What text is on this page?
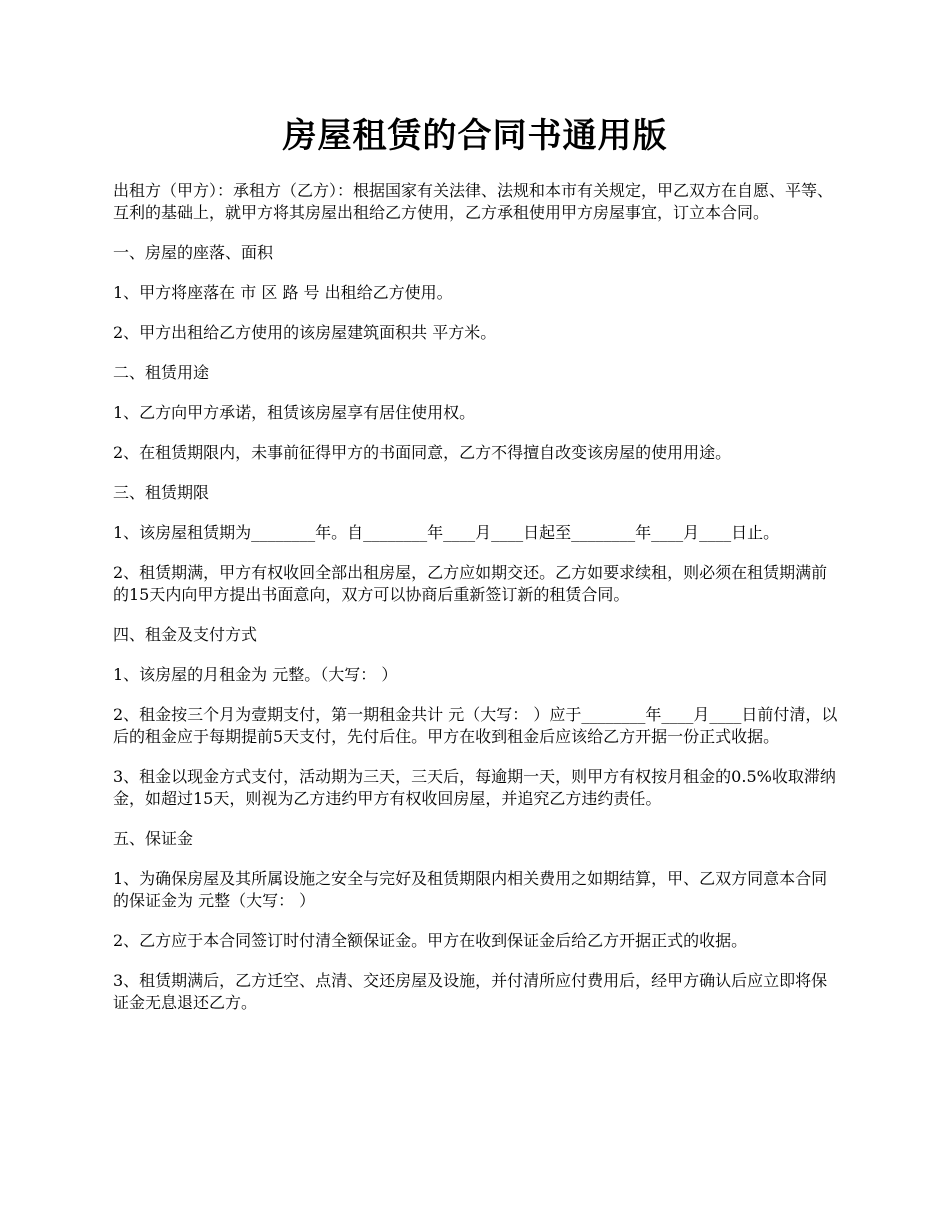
房屋租赁的合同书通用版

出租方（甲方）：承租方（乙方）：根据国家有关法律、法规和本市有关规定，甲乙双方在自愿、平等、互利的基础上，就甲方将其房屋出租给乙方使用，乙方承租使用甲方房屋事宜，订立本合同。

一、房屋的座落、面积

1、甲方将座落在 市 区 路 号 出租给乙方使用。

2、甲方出租给乙方使用的该房屋建筑面积共 平方米。

二、租赁用途

1、乙方向甲方承诺，租赁该房屋享有居住使用权。

2、在租赁期限内，未事前征得甲方的书面同意，乙方不得擅自改变该房屋的使用用途。

三、租赁期限

1、该房屋租赁期为________年。自________年____月____日起至________年____月____日止。

2、租赁期满，甲方有权收回全部出租房屋，乙方应如期交还。乙方如要求续租，则必须在租赁期满前的15天内向甲方提出书面意向，双方可以协商后重新签订新的租赁合同。

四、租金及支付方式

1、该房屋的月租金为 元整。（大写： ）

2、租金按三个月为壹期支付，第一期租金共计 元（大写： ）应于________年____月____日前付清，以后的租金应于每期提前5天支付，先付后住。甲方在收到租金后应该给乙方开据一份正式收据。

3、租金以现金方式支付，活动期为三天，三天后，每逾期一天，则甲方有权按月租金的0.5%收取滞纳金，如超过15天，则视为乙方违约甲方有权收回房屋，并追究乙方违约责任。

五、保证金

1、为确保房屋及其所属设施之安全与完好及租赁期限内相关费用之如期结算，甲、乙双方同意本合同的保证金为 元整（大写： ）

2、乙方应于本合同签订时付清全额保证金。甲方在收到保证金后给乙方开据正式的收据。

3、租赁期满后，乙方迁空、点清、交还房屋及设施，并付清所应付费用后，经甲方确认后应立即将保证金无息退还乙方。
